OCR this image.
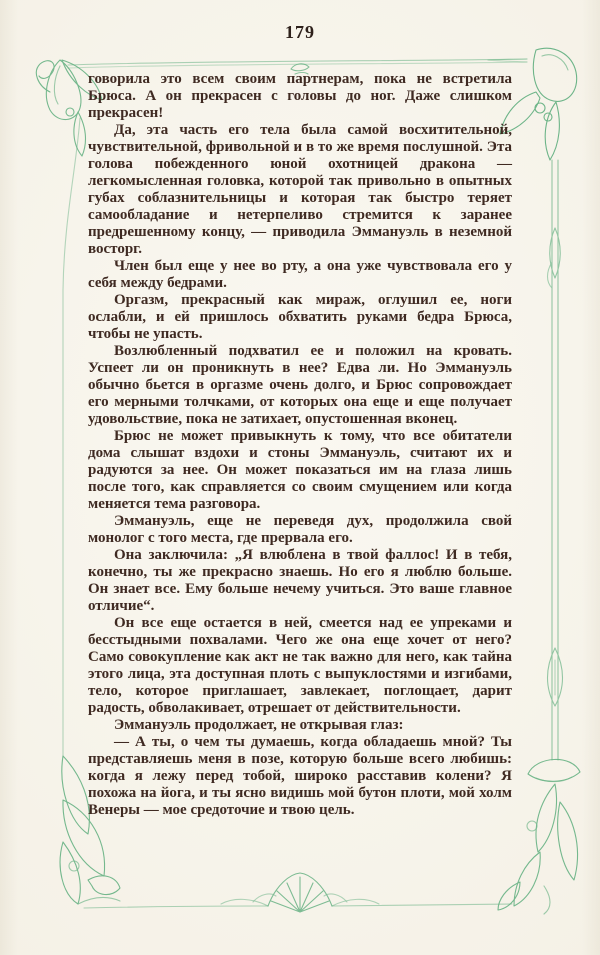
179

говорила это всем своим партнерам, пока не встретила Брюса. А он прекрасен с головы до ног. Даже слишком прекрасен!

Да, эта часть его тела была самой восхитительной, чувствительной, фривольной и в то же время послушной. Эта голова побежденного юной охотницей дракона — легкомысленная головка, которой так привольно в опытных губах соблазнительницы и которая так быстро теряет самообладание и нетерпеливо стремится к заранее предрешенному концу, — приводила Эммануэль в неземной восторг.

Член был еще у нее во рту, а она уже чувствовала его у себя между бедрами.

Оргазм, прекрасный как мираж, оглушил ее, ноги ослабли, и ей пришлось обхватить руками бедра Брюса, чтобы не упасть.

Возлюбленный подхватил ее и положил на кровать. Успеет ли он проникнуть в нее? Едва ли. Но Эммануэль обычно бьется в оргазме очень долго, и Брюс сопровождает его мерными толчками, от которых она еще и еще получает удовольствие, пока не затихает, опустошенная вконец.

Брюс не может привыкнуть к тому, что все обитатели дома слышат вздохи и стоны Эммануэль, считают их и радуются за нее. Он может показаться им на глаза лишь после того, как справляется со своим смущением или когда меняется тема разговора.

Эммануэль, еще не переведя дух, продолжила свой монолог с того места, где прервала его.

Она заключила: „Я влюблена в твой фаллос! И в тебя, конечно, ты же прекрасно знаешь. Но его я люблю больше. Он знает все. Ему больше нечему учиться. Это ваше главное отличие“.

Он все еще остается в ней, смеется над ее упреками и бесстыдными похвалами. Чего же она еще хочет от него? Само совокупление как акт не так важно для него, как тайна этого лица, эта доступная плоть с выпуклостями и изгибами, тело, которое приглашает, завлекает, поглощает, дарит радость, обволакивает, отрешает от действительности.

Эммануэль продолжает, не открывая глаз:

— А ты, о чем ты думаешь, когда обладаешь мной? Ты представляешь меня в позе, которую больше всего любишь: когда я лежу перед тобой, широко расставив колени? Я похожа на йога, и ты ясно видишь мой бутон плоти, мой холм Венеры — мое средоточие и твою цель.
